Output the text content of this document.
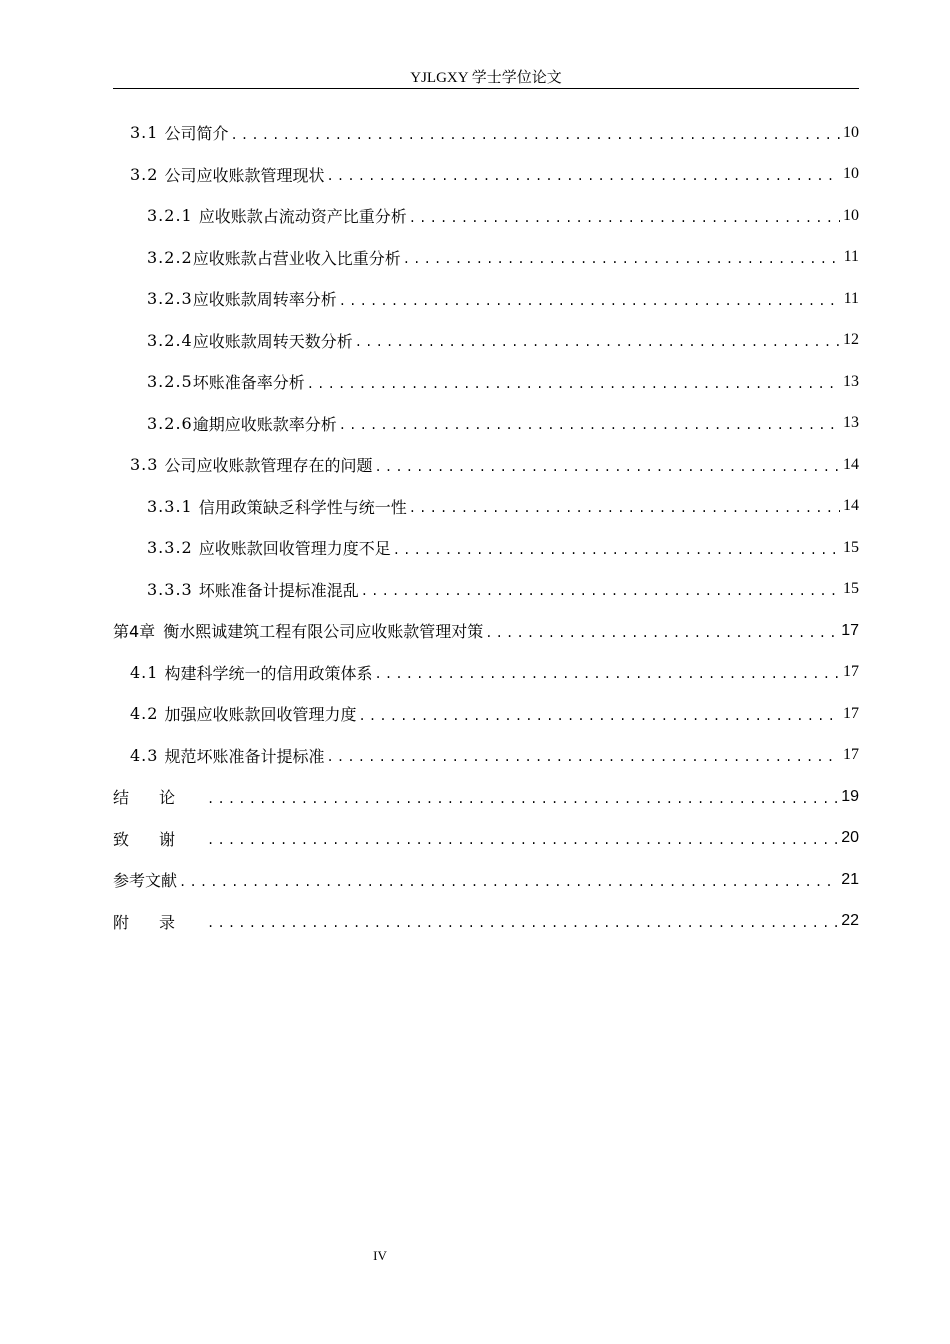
YJLGXY 学士学位论文
3.1 公司简介 .....	10
3.2 公司应收账款管理现状 .....	10
3.2.1 应收账款占流动资产比重分析 .....	10
3.2.2 应收账款占营业收入比重分析 .....	11
3.2.3 应收账款周转率分析 .....	11
3.2.4 应收账款周转天数分析 .....	12
3.2.5 坏账准备率分析 .....	13
3.2.6 逾期应收账款率分析 .....	13
3.3 公司应收账款管理存在的问题 .....	14
3.3.1 信用政策缺乏科学性与统一性 .....	14
3.3.2 应收账款回收管理力度不足 .....	15
3.3.3 坏账准备计提标准混乱 .....	15
第4章 衡水熙诚建筑工程有限公司应收账款管理对策 .....	17
4.1 构建科学统一的信用政策体系 .....	17
4.2 加强应收账款回收管理力度 .....	17
4.3 规范坏账准备计提标准 .....	17
结论 .....	19
致谢 .....	20
参考文献 .....	21
附录 .....	22
IV
